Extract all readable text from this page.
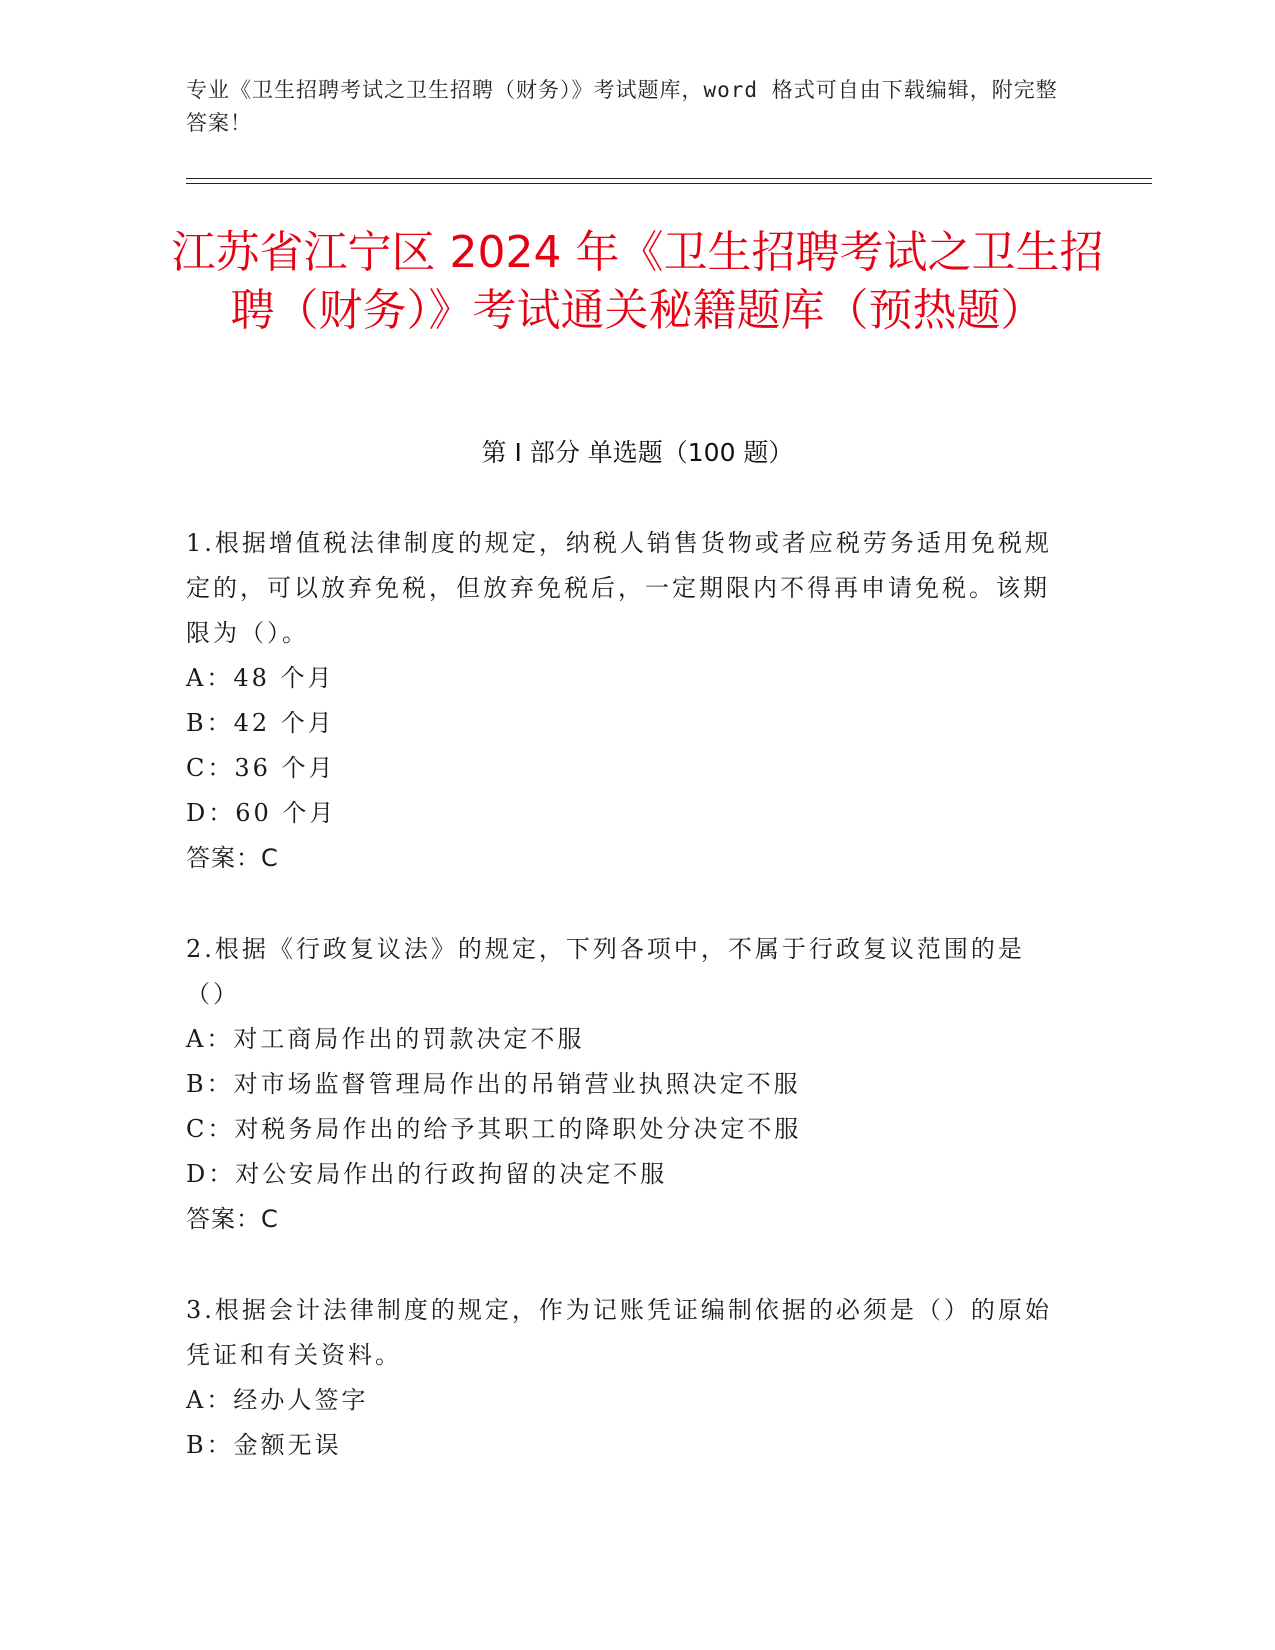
专业《卫生招聘考试之卫生招聘（财务）》考试题库，word 格式可自由下载编辑，附完整答案！
江苏省江宁区 2024 年《卫生招聘考试之卫生招聘（财务）》考试通关秘籍题库（预热题）
第 I 部分 单选题（100 题）
1.根据增值税法律制度的规定，纳税人销售货物或者应税劳务适用免税规定的，可以放弃免税，但放弃免税后，一定期限内不得再申请免税。该期限为（）。
A：48 个月
B：42 个月
C：36 个月
D：60 个月
答案：C
2.根据《行政复议法》的规定，下列各项中，不属于行政复议范围的是（）
A：对工商局作出的罚款决定不服
B：对市场监督管理局作出的吊销营业执照决定不服
C：对税务局作出的给予其职工的降职处分决定不服
D：对公安局作出的行政拘留的决定不服
答案：C
3.根据会计法律制度的规定，作为记账凭证编制依据的必须是（）的原始凭证和有关资料。
A：经办人签字
B：金额无误
